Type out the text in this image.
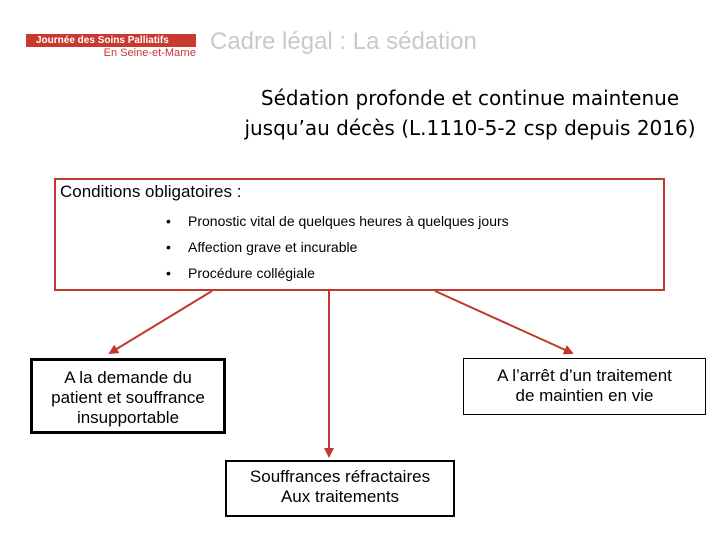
Journée des Soins Palliatifs
En Seine-et-Marne Cadre légal : La sédation
Sédation profonde et continue maintenue
jusqu’au décès (L.1110-5-2 csp depuis 2016)
Conditions obligatoires :
• Pronostic vital de quelques heures à quelques jours
• Affection grave et incurable
• Procédure collégiale
A la demande du
patient et souffrance
insupportable
A l’arrêt d’un traitement
de maintien en vie
Souffrances réfractaires
Aux traitements
